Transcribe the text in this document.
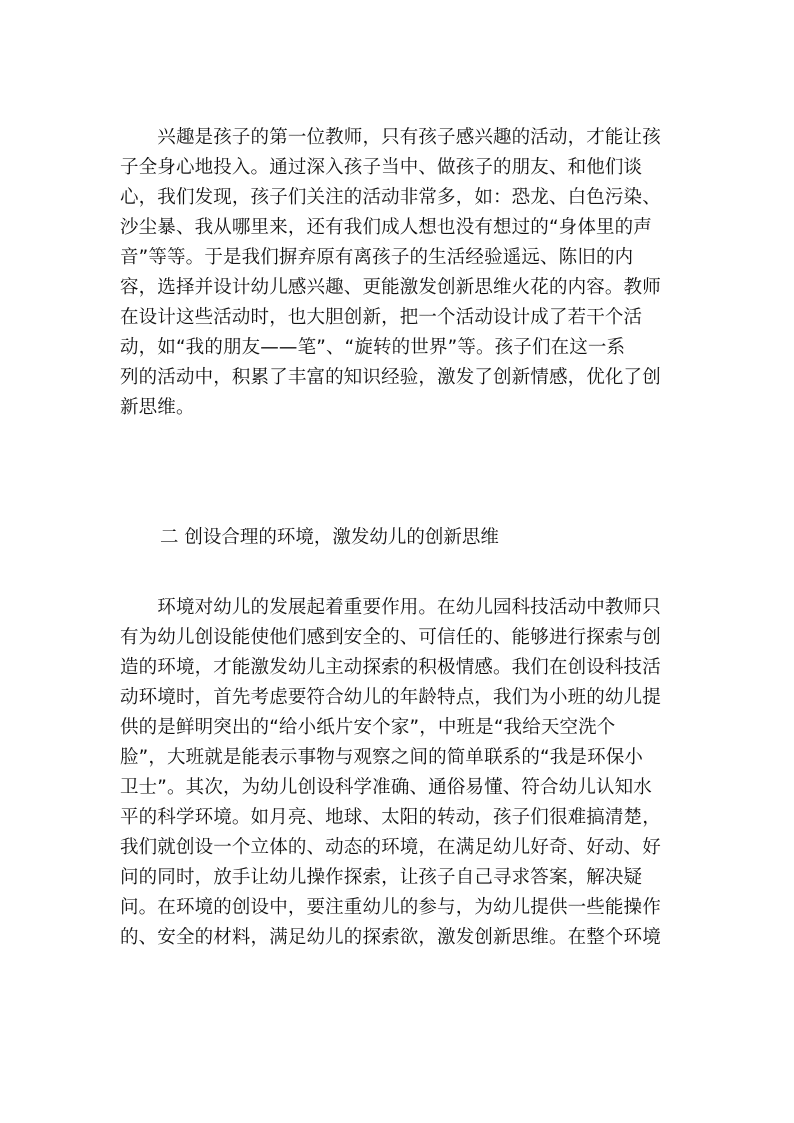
　　兴趣是孩子的第一位教师，只有孩子感兴趣的活动，才能让孩
子全身心地投入。通过深入孩子当中、做孩子的朋友、和他们谈
心，我们发现，孩子们关注的活动非常多，如：恐龙、白色污染、
沙尘暴、我从哪里来，还有我们成人想也没有想过的“身体里的声
音”等等。于是我们摒弃原有离孩子的生活经验遥远、陈旧的内
容，选择并设计幼儿感兴趣、更能激发创新思维火花的内容。教师
在设计这些活动时，也大胆创新，把一个活动设计成了若干个活
动，如“我的朋友——笔”、“旋转的世界”等。孩子们在这一系
列的活动中，积累了丰富的知识经验，激发了创新情感，优化了创
新思维。
二 创设合理的环境，激发幼儿的创新思维
　　环境对幼儿的发展起着重要作用。在幼儿园科技活动中教师只
有为幼儿创设能使他们感到安全的、可信任的、能够进行探索与创
造的环境，才能激发幼儿主动探索的积极情感。我们在创设科技活
动环境时，首先考虑要符合幼儿的年龄特点，我们为小班的幼儿提
供的是鲜明突出的“给小纸片安个家”，中班是“我给天空洗个
脸”，大班就是能表示事物与观察之间的简单联系的“我是环保小
卫士”。其次，为幼儿创设科学准确、通俗易懂、符合幼儿认知水
平的科学环境。如月亮、地球、太阳的转动，孩子们很难搞清楚，
我们就创设一个立体的、动态的环境，在满足幼儿好奇、好动、好
问的同时，放手让幼儿操作探索，让孩子自己寻求答案，解决疑
问。在环境的创设中，要注重幼儿的参与，为幼儿提供一些能操作
的、安全的材料，满足幼儿的探索欲，激发创新思维。在整个环境
